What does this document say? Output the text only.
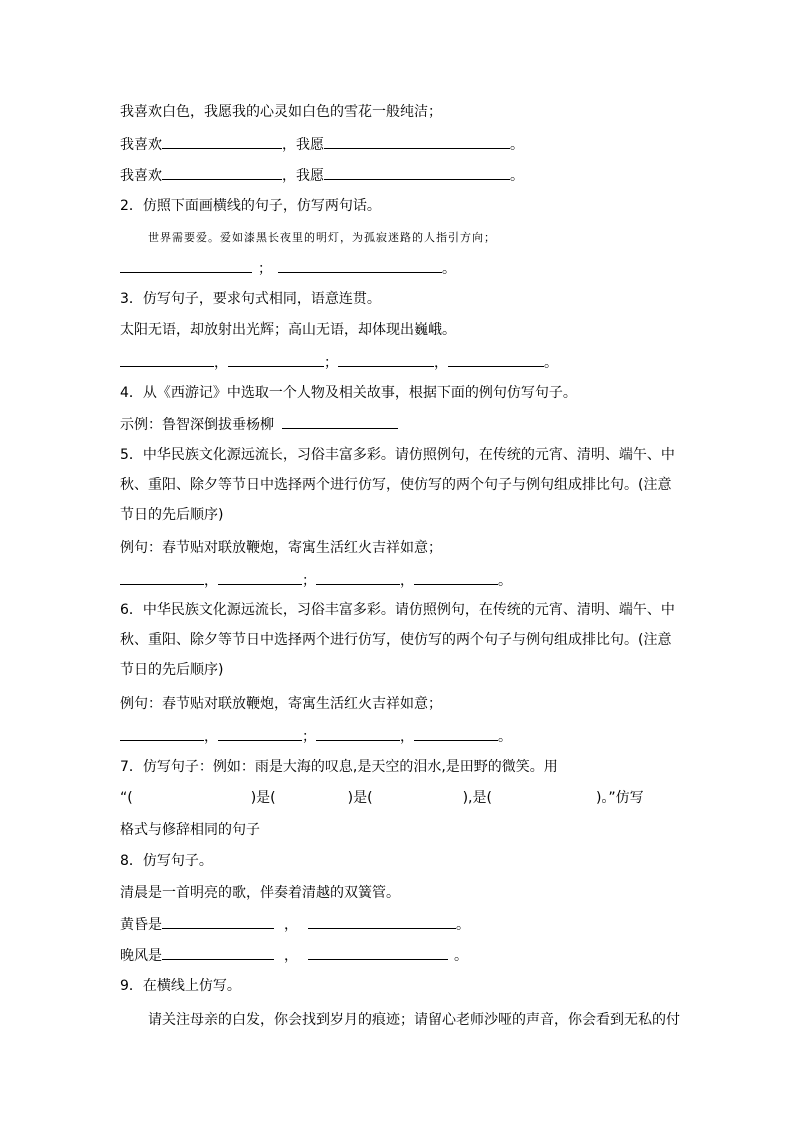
我喜欢白色，我愿我的心灵如白色的雪花一般纯洁；
我喜欢	，我愿	。
我喜欢	，我愿	。
2．仿照下面画横线的句子，仿写两句话。
世界需要爱。爱如漆黑长夜里的明灯，为孤寂迷路的人指引方向；
；	。
3．仿写句子，要求句式相同，语意连贯。
太阳无语，却放射出光辉；高山无语，却体现出巍峨。
，	；	，	。
4．从《西游记》中选取一个人物及相关故事，根据下面的例句仿写句子。
示例：鲁智深倒拔垂杨柳
5．中华民族文化源远流长，习俗丰富多彩。请仿照例句，在传统的元宵、清明、端午、中秋、重阳、除夕等节日中选择两个进行仿写，使仿写的两个句子与例句组成排比句。(注意节日的先后顺序)
例句：春节贴对联放鞭炮，寄寓生活红火吉祥如意；
，	；	，	。
6．中华民族文化源远流长，习俗丰富多彩。请仿照例句，在传统的元宵、清明、端午、中秋、重阳、除夕等节日中选择两个进行仿写，使仿写的两个句子与例句组成排比句。(注意节日的先后顺序)
例句：春节贴对联放鞭炮，寄寓生活红火吉祥如意；
，	；	，	。
7．仿写句子：例如：雨是大海的叹息,是天空的泪水,是田野的微笑。用
“(	)是(	)是(	),是(	)。”仿写
格式与修辞相同的句子
8．仿写句子。
清晨是一首明亮的歌，伴奏着清越的双簧管。
黄昏是	，	。
晚风是	，	。
9．在横线上仿写。
请关注母亲的白发，你会找到岁月的痕迹；请留心老师沙哑的声音，你会看到无私的付
